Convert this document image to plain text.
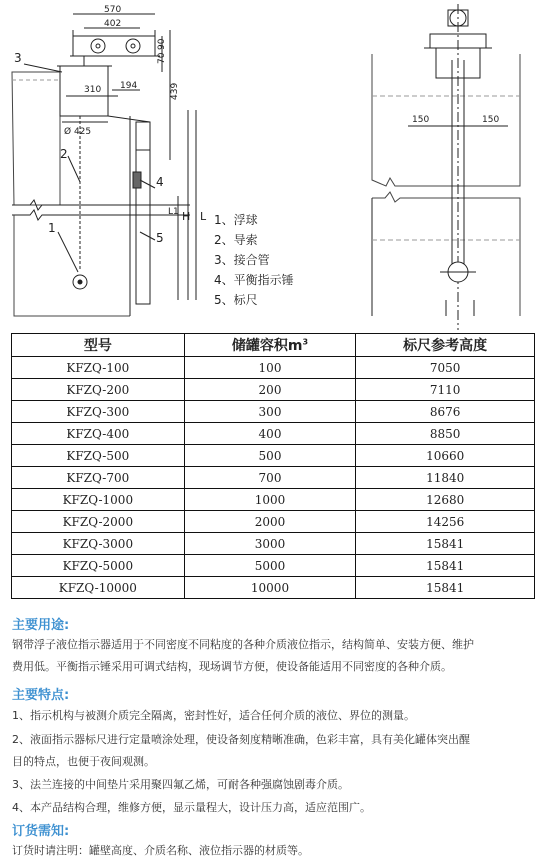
570
402
90
70
310 194	439
Ø 425
L1 H L
150	150
3
2
1
4
5
1、浮球
2、导索
3、接合管
4、平衡指示锤
5、标尺
型号	储罐容积$m^3$	标尺参考高度
KFZQ-100	100	7050
KFZQ-200	200	7110
KFZQ-300	300	8676
KFZQ-400	400	8850
KFZQ-500	500	10660
KFZQ-700	700	11840
KFZQ-1000	1000	12680
KFZQ-2000	2000	14256
KFZQ-3000	3000	15841
KFZQ-5000	5000	15841
KFZQ-10000	10000	15841
主要用途:
钢带浮子液位指示器适用于不同密度不同粘度的各种介质液位指示，结构简单、安装方便、维护
费用低。平衡指示锤采用可调式结构，现场调节方便，使设备能适用不同密度的各种介质。
主要特点:
1、指示机构与被测介质完全隔离，密封性好，适合任何介质的液位、界位的测量。
2、液面指示器标尺进行定量喷涂处理，使设备刻度精晰准确，色彩丰富，具有美化罐体突出醒
目的特点，也便于夜间观测。
3、法兰连接的中间垫片采用聚四氟乙烯，可耐各种强腐蚀剧毒介质。
4、本产品结构合理，维修方便，显示量程大，设计压力高，适应范围广。
订货需知:
订货时请注明：罐壁高度、介质名称、液位指示器的材质等。
